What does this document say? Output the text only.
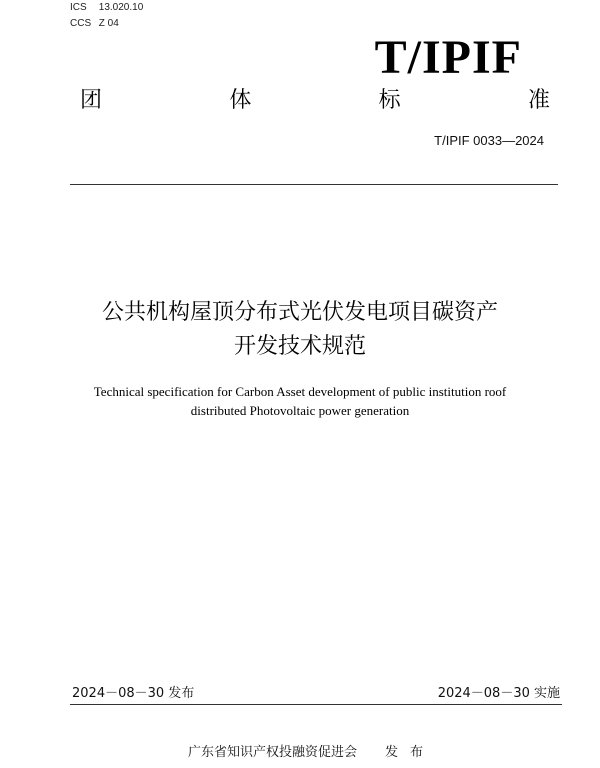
ICS 13.020.10
CCS Z 04
T/IPIF
团	体	标	准
T/IPIF 0033—2024
公共机构屋顶分布式光伏发电项目碳资产
开发技术规范
Technical specification for Carbon Asset development of public institution roof
distributed Photovoltaic power generation
2024－08－30 发布	2024－08－30 实施
广东省知识产权投融资促进会 发布
